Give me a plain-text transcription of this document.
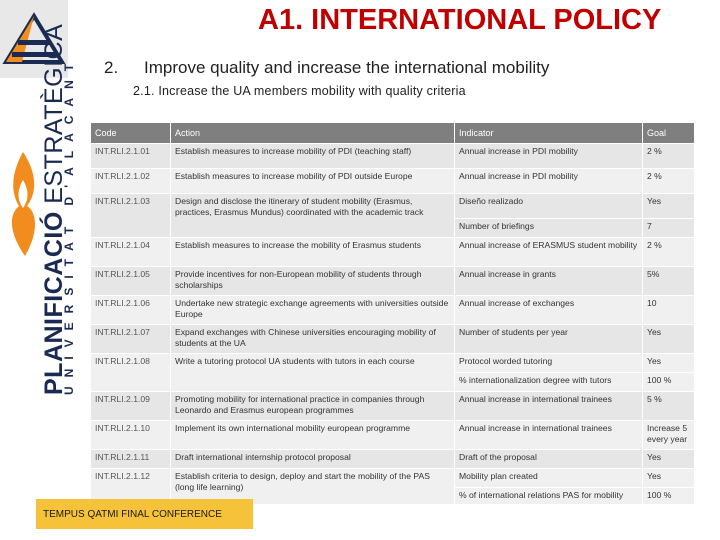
PLANIFICACIÓ ESTRATÈGICA
UNIVERSITAT D'ALACANT
A1. INTERNATIONAL POLICY
2. Improve quality and increase the international mobility
2.1. Increase the UA members mobility with quality criteria
Code	Action	Indicator	Goal
INT.RLI.2.1.01	Establish measures to increase mobility of PDI (teaching staff)	Annual increase in PDI mobility	2 %
INT.RLI.2.1.02	Establish measures to increase mobility of PDI outside Europe	Annual increase in PDI mobility	2 %
INT.RLI.2.1.03	Design and disclose the itinerary of student mobility (Erasmus, practices, Erasmus Mundus) coordinated with the academic track	Diseño realizado	Yes
		Number of briefings	7
INT.RLI.2.1.04	Establish measures to increase the mobility of Erasmus students	Annual increase of ERASMUS student mobility	2 %
INT.RLI.2.1.05	Provide incentives for non-European mobility of students through scholarships	Annual increase in grants	5%
INT.RLI.2.1.06	Undertake new strategic exchange agreements with universities outside Europe	Annual increase of exchanges	10
INT.RLI.2.1.07	Expand exchanges with Chinese universities encouraging mobility of students at the UA	Number of students per year	Yes
INT.RLI.2.1.08	Write a tutoring protocol UA students with tutors in each course	Protocol worded tutoring	Yes
		% internationalization degree with tutors	100 %
INT.RLI.2.1.09	Promoting mobility for international practice in companies through Leonardo and Erasmus european programmes	Annual increase in international trainees	5 %
INT.RLI.2.1.10	Implement its own international mobility european programme	Annual increase in international trainees	Increase 5 every year
INT.RLI.2.1.11	Draft international internship protocol proposal	Draft of the proposal	Yes
INT.RLI.2.1.12	Establish criteria to design, deploy and start the mobility of the PAS (long life learning)	Mobility plan created	Yes
		% of international relations PAS for mobility	100 %
TEMPUS QATMI FINAL CONFERENCE
